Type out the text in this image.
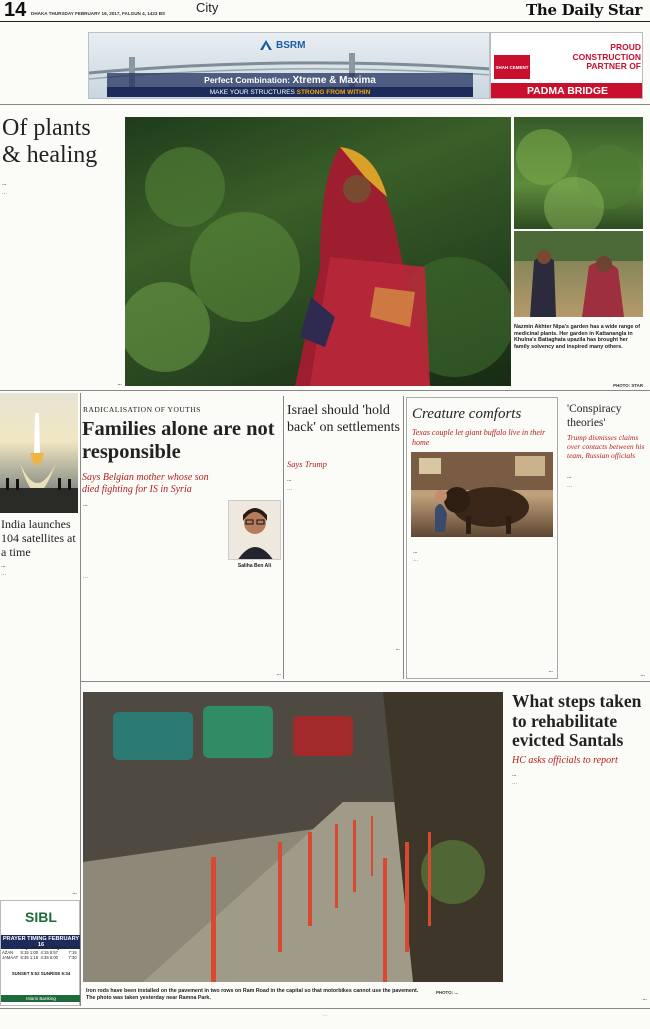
14 DHAKA THURSDAY FEBRUARY 16, 2017, FALGUN 4, 1423 BS City	The Daily Star
BSRM
Perfect Combination: Xtreme & Maxima
MAKE YOUR STRUCTURES STRONG FROM WITHIN
SHAH CEMENT
PROUD
CONSTRUCTION
PARTNER OF
PADMA BRIDGE
Of plants
& healing
…
…
…
Nazmin Akhter Nipa's garden has a wide range of medicinal plants. Her garden in Kattanangla in Khulna's Batiaghata upazila has brought her family solvency and inspired many others.
PHOTO: STAR
India launches 104 satellites at a time
…
…
…
SIBL
PRAYER TIMING FEBRUARY 16
	Fajr	Zohr	Asr	Maghrib	Esha
AZAN	5:15	1:00	4:15	5:57	7:15
JAMAAT	5:35	1:15	4:35	6:00	7:30
SUNSET 5:52 SUNRISE 6:34
Islami Banking
RADICALISATION OF YOUTHS
Families alone are not responsible
Says Belgian mother whose son died fighting for IS in Syria
…
Saliha Ben Ali
…
…
Israel should 'hold back' on settlements
Says Trump
…
…
…
Creature comforts
Texas couple let giant buffalo live in their home
…
…
…
'Conspiracy theories'
Trump dismisses claims over contacts between his team, Russian officials
…
…
…
Iron rods have been installed on the pavement in two rows on Ram Road in the capital so that motorbikes cannot use the pavement. The photo was taken yesterday near Ramna Park.
PHOTO: …
What steps taken to rehabilitate evicted Santals
HC asks officials to report
…
…
…
…
